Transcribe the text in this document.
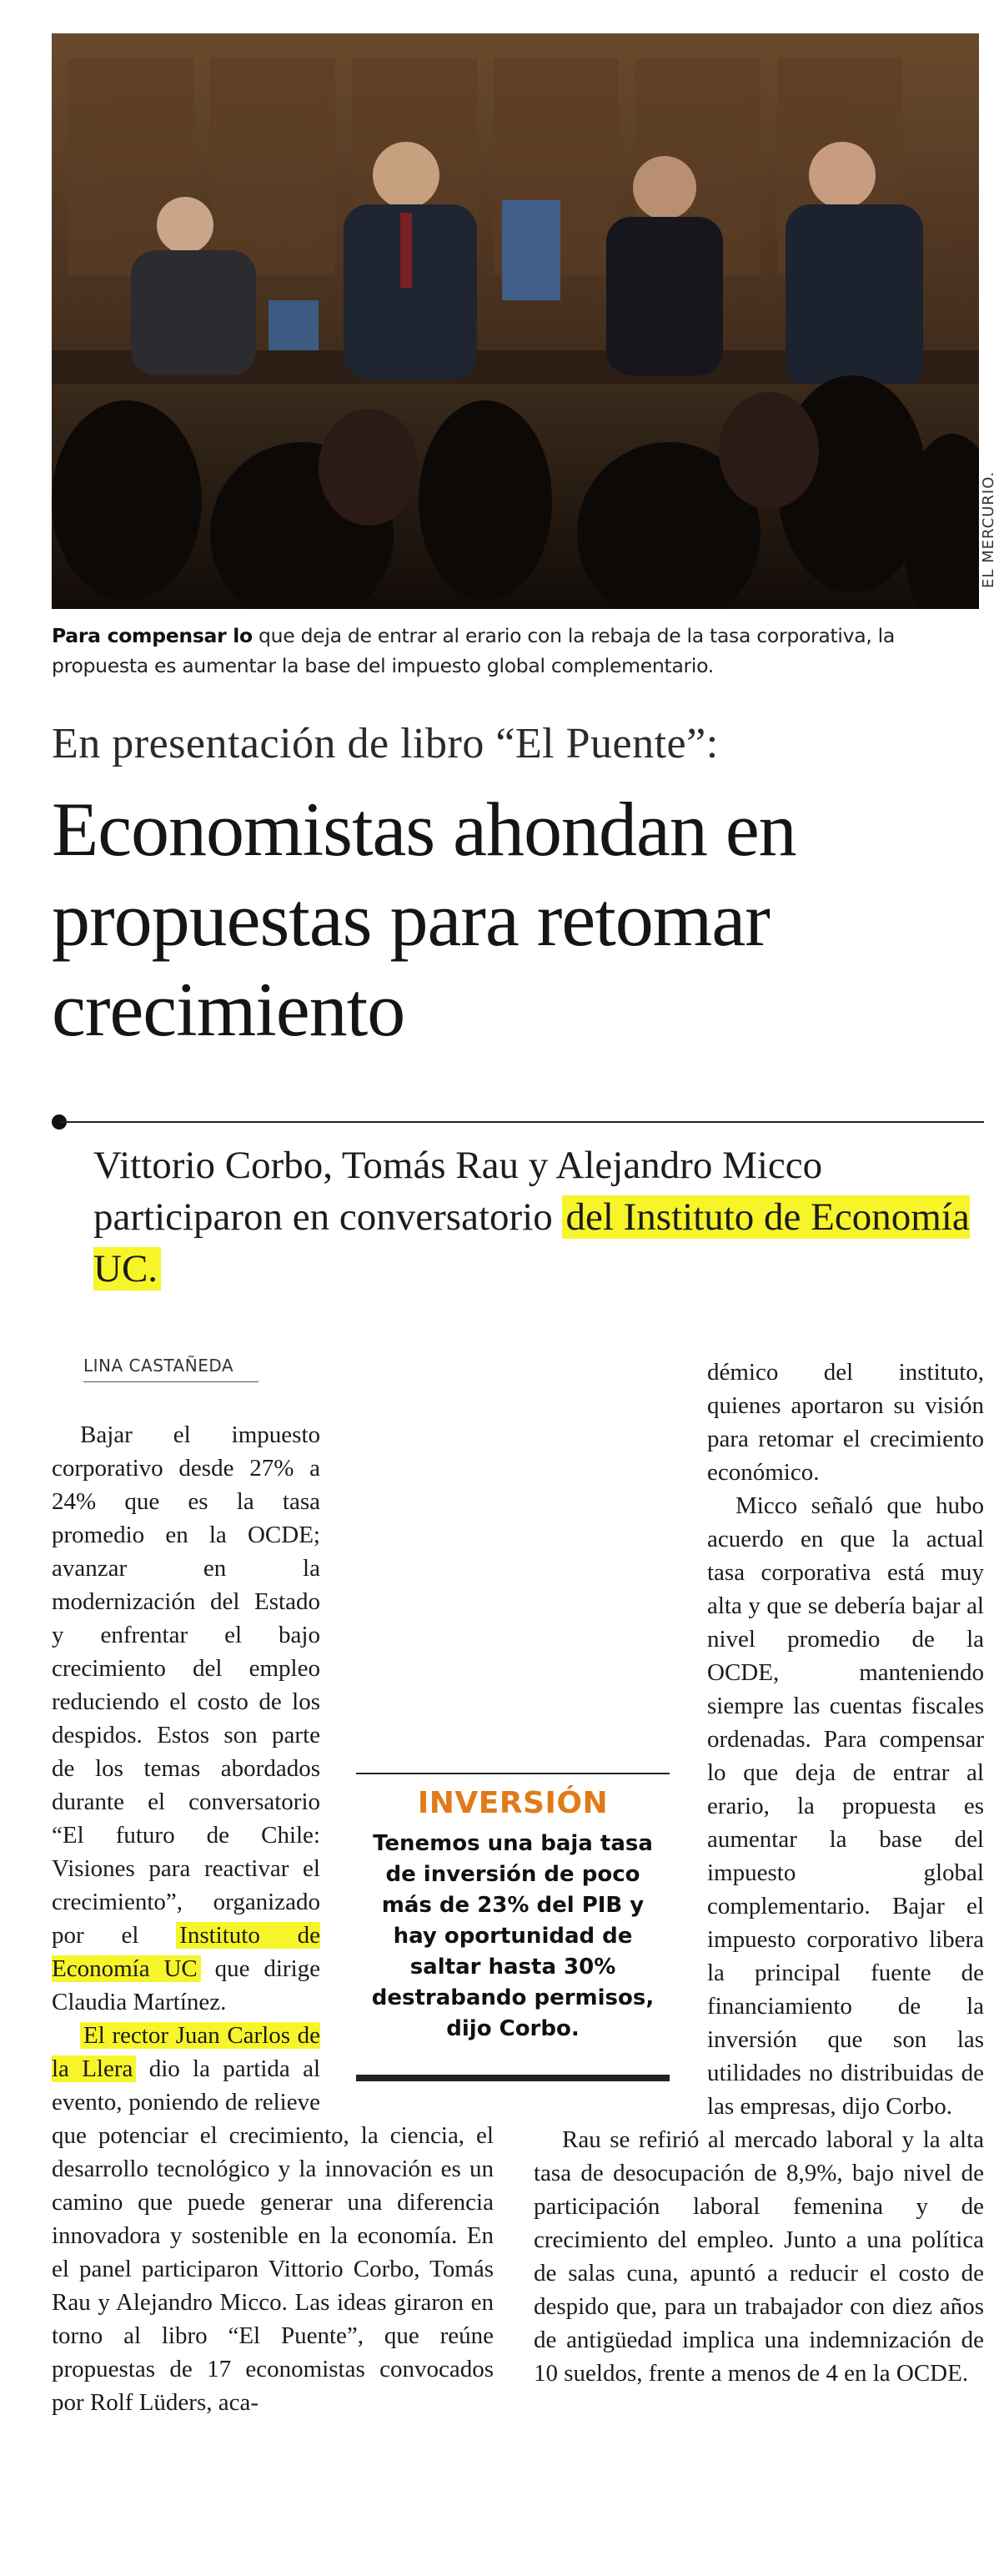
EL MERCURIO.
Para compensar lo que deja de entrar al erario con la rebaja de la tasa corporativa, la propuesta es aumentar la base del impuesto global complementario.
En presentación de libro “El Puente”:
Economistas ahondan en propuestas para retomar crecimiento
Vittorio Corbo, Tomás Rau y Alejandro Micco participaron en conversatorio del Instituto de Economía UC.
LINA CASTAÑEDA

Bajar el impuesto corporativo desde 27% a 24% que es la tasa promedio en la OCDE; avanzar en la modernización del Estado y enfrentar el bajo crecimiento del empleo reduciendo el costo de los despidos. Estos son parte de los temas abordados durante el conversatorio “El futuro de Chile: Visiones para reactivar el crecimiento”, organizado por el Instituto de Economía UC que dirige Claudia Martínez.

El rector Juan Carlos de la Llera dio la partida al evento, poniendo de relieve que potenciar el crecimiento, la ciencia, el desarrollo tecnológico y la innovación es un camino que puede generar una diferencia innovadora y sostenible en la economía. En el panel participaron Vittorio Corbo, Tomás Rau y Alejandro Micco. Las ideas giraron en torno al libro “El Puente”, que reúne propuestas de 17 economistas convocados por Rolf Lüders, aca-

démico del instituto, quienes aportaron su visión para retomar el crecimiento económico.

Micco señaló que hubo acuerdo en que la actual tasa corporativa está muy alta y que se debería bajar al nivel promedio de la OCDE, manteniendo siempre las cuentas fiscales ordenadas. Para compensar lo que deja de entrar al erario, la propuesta es aumentar la base del impuesto global complementario. Bajar el impuesto corporativo libera la principal fuente de financiamiento de la inversión que son las utilidades no distribuidas de las empresas, dijo Corbo.

Rau se refirió al mercado laboral y la alta tasa de desocupación de 8,9%, bajo nivel de participación laboral femenina y de crecimiento del empleo. Junto a una política de salas cuna, apuntó a reducir el costo de despido que, para un trabajador con diez años de antigüedad implica una indemnización de 10 sueldos, frente a menos de 4 en la OCDE.

INVERSIÓN
Tenemos una baja tasa de inversión de poco más de 23% del PIB y hay oportunidad de saltar hasta 30% destrabando permisos, dijo Corbo.
